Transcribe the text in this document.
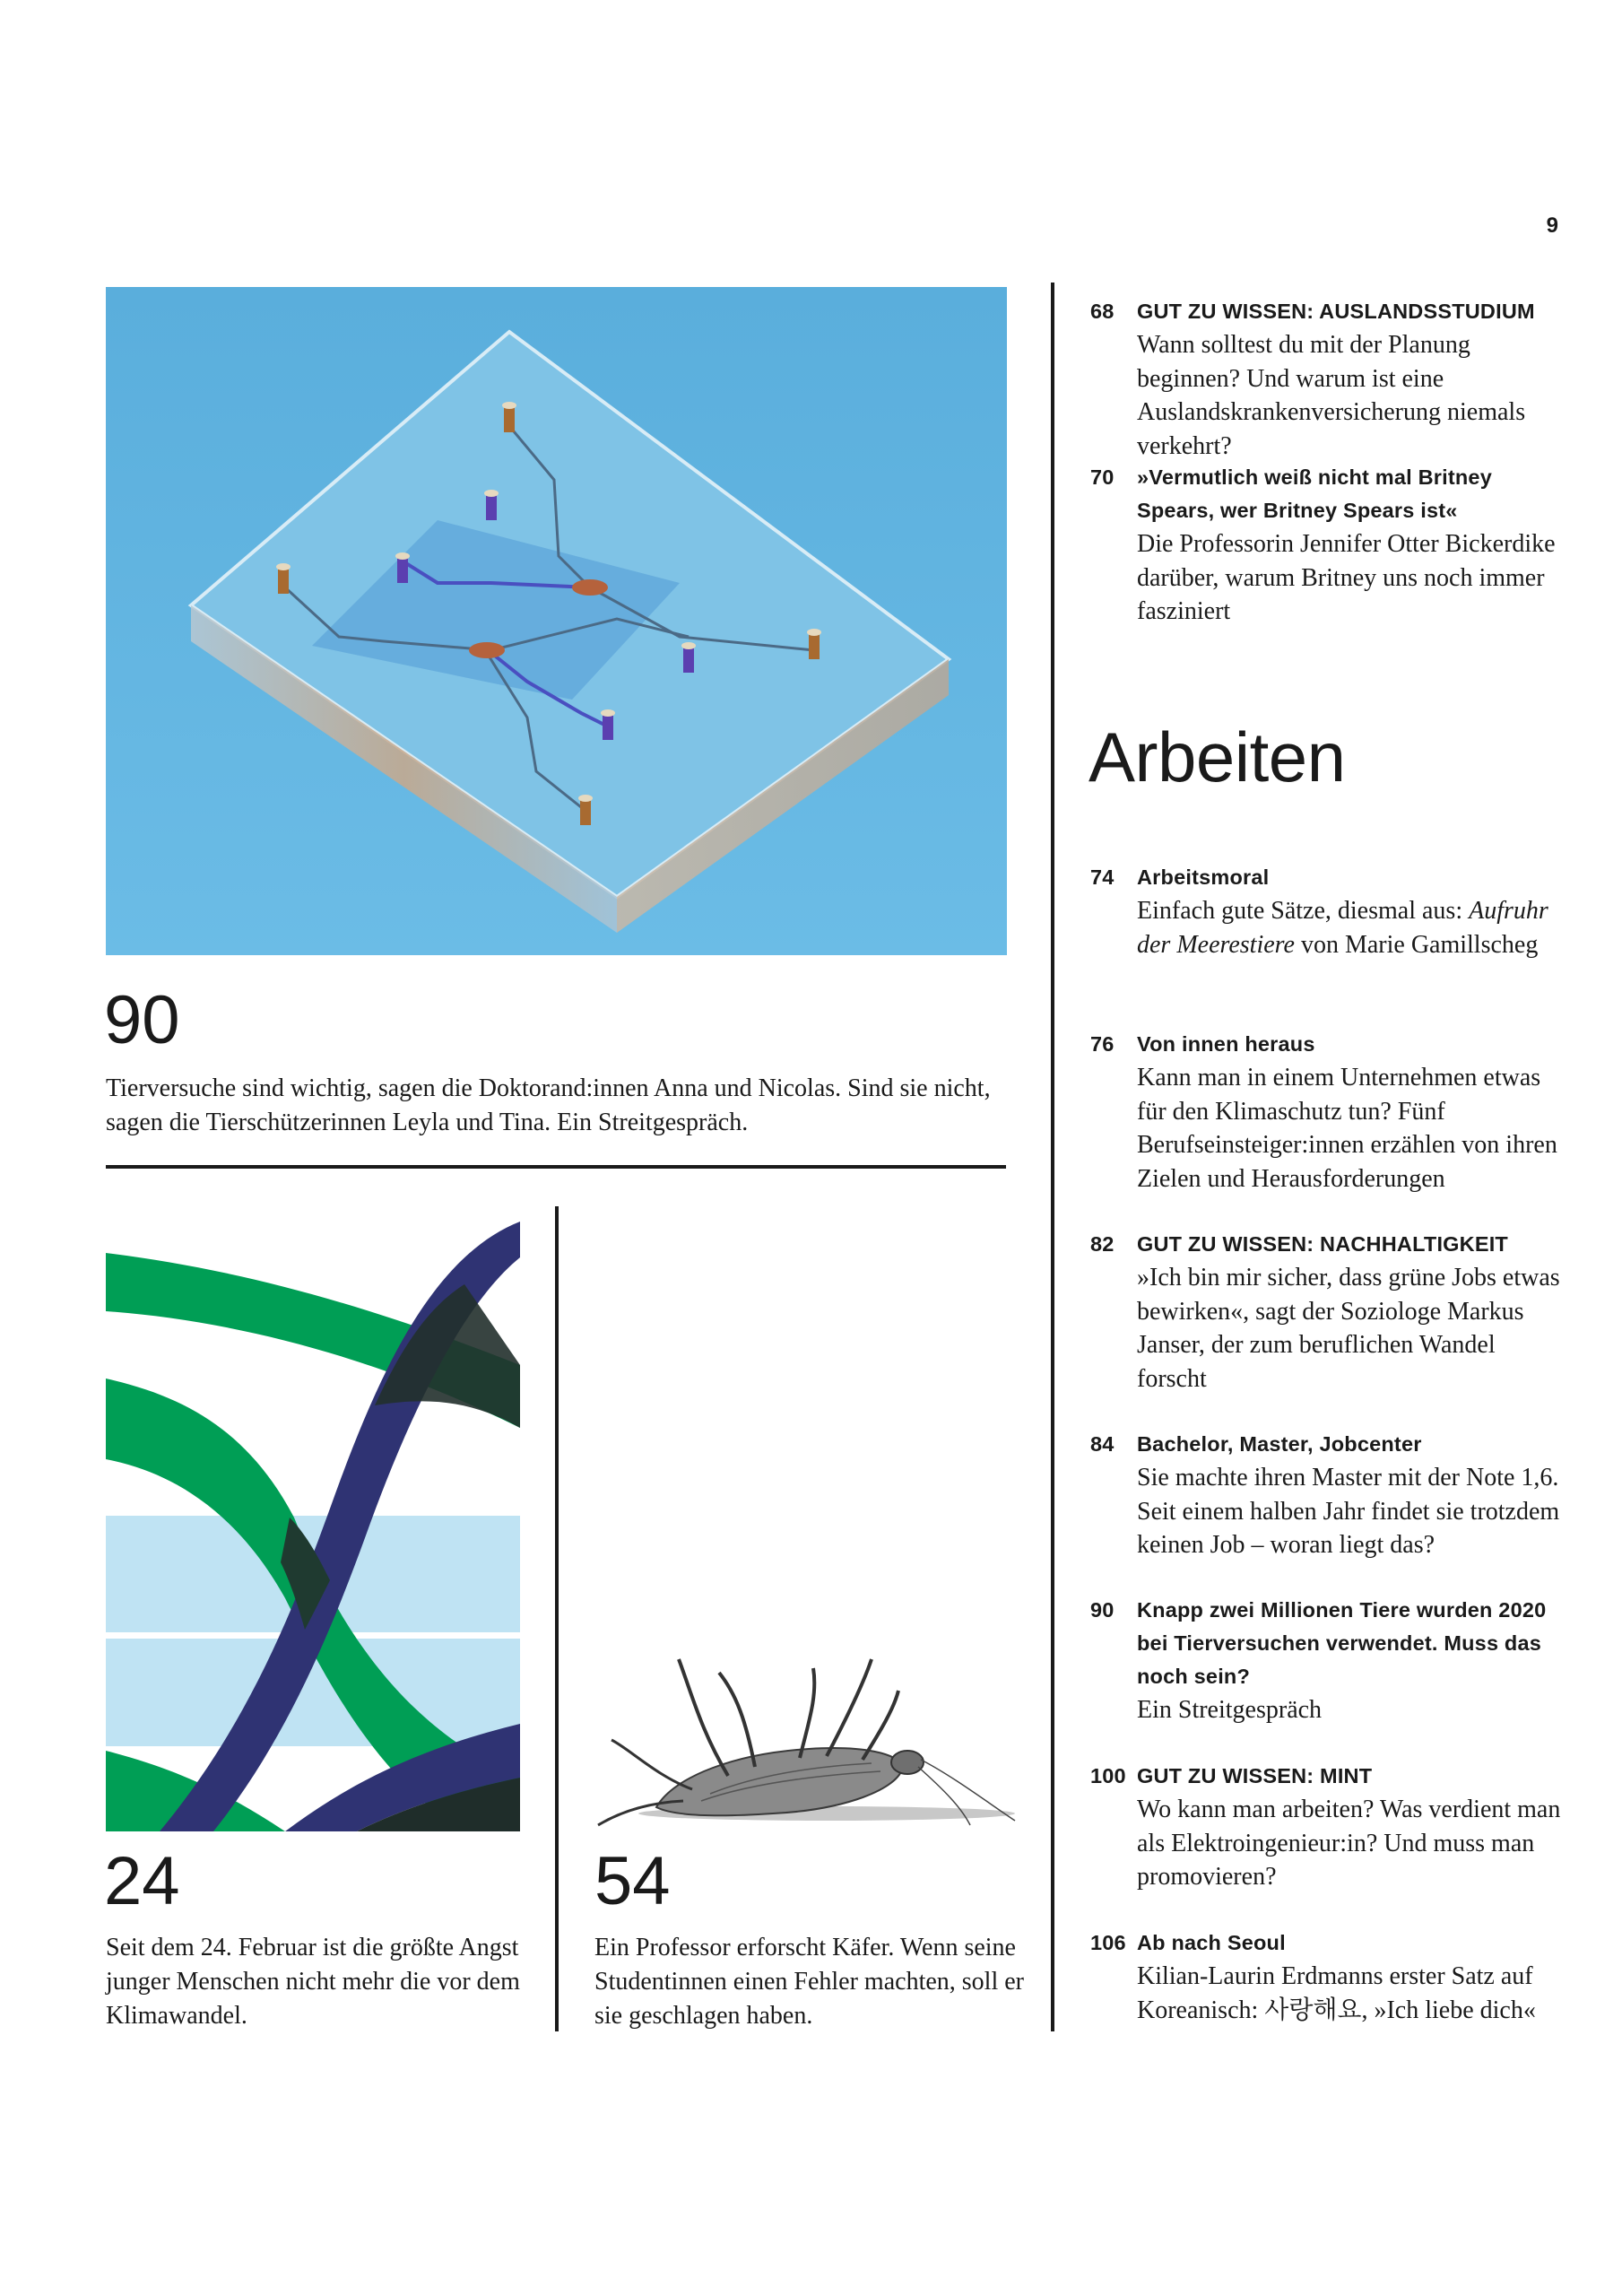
9
90
Tierversuche sind wichtig, sagen die Doktorand:innen Anna und Nicolas. Sind sie nicht, sagen die Tierschützerinnen Leyla und Tina. Ein Streitgespräch.
24
Seit dem 24. Februar ist die größte Angst junger Menschen nicht mehr die vor dem Klimawandel.
54
Ein Professor erforscht Käfer. Wenn seine Studentinnen einen Fehler machten, soll er sie geschlagen haben.
68	GUT ZU WISSEN: AUSLANDSSTUDIUM
Wann solltest du mit der Planung beginnen? Und warum ist eine Auslandskrankenversicherung niemals verkehrt?
70	»Vermutlich weiß nicht mal Britney Spears, wer Britney Spears ist«
Die Professorin Jennifer Otter Bickerdike darüber, warum Britney uns noch immer fasziniert
Arbeiten
74	Arbeitsmoral
Einfach gute Sätze, diesmal aus: Aufruhr der Meerestiere von Marie Gamillscheg
76	Von innen heraus
Kann man in einem Unternehmen etwas für den Klimaschutz tun? Fünf Berufseinsteiger:innen erzählen von ihren Zielen und Herausforderungen
82	GUT ZU WISSEN: NACHHALTIGKEIT
»Ich bin mir sicher, dass grüne Jobs etwas bewirken«, sagt der Soziologe Markus Janser, der zum beruflichen Wandel forscht
84	Bachelor, Master, Jobcenter
Sie machte ihren Master mit der Note 1,6. Seit einem halben Jahr findet sie trotzdem keinen Job – woran liegt das?
90	Knapp zwei Millionen Tiere wurden 2020 bei Tierversuchen verwendet. Muss das noch sein?
Ein Streitgespräch
100 GUT ZU WISSEN: MINT
Wo kann man arbeiten? Was verdient man als Elektroingenieur:in? Und muss man promovieren?
106 Ab nach Seoul
Kilian-Laurin Erdmanns erster Satz auf Koreanisch: 사랑해요, »Ich liebe dich«
